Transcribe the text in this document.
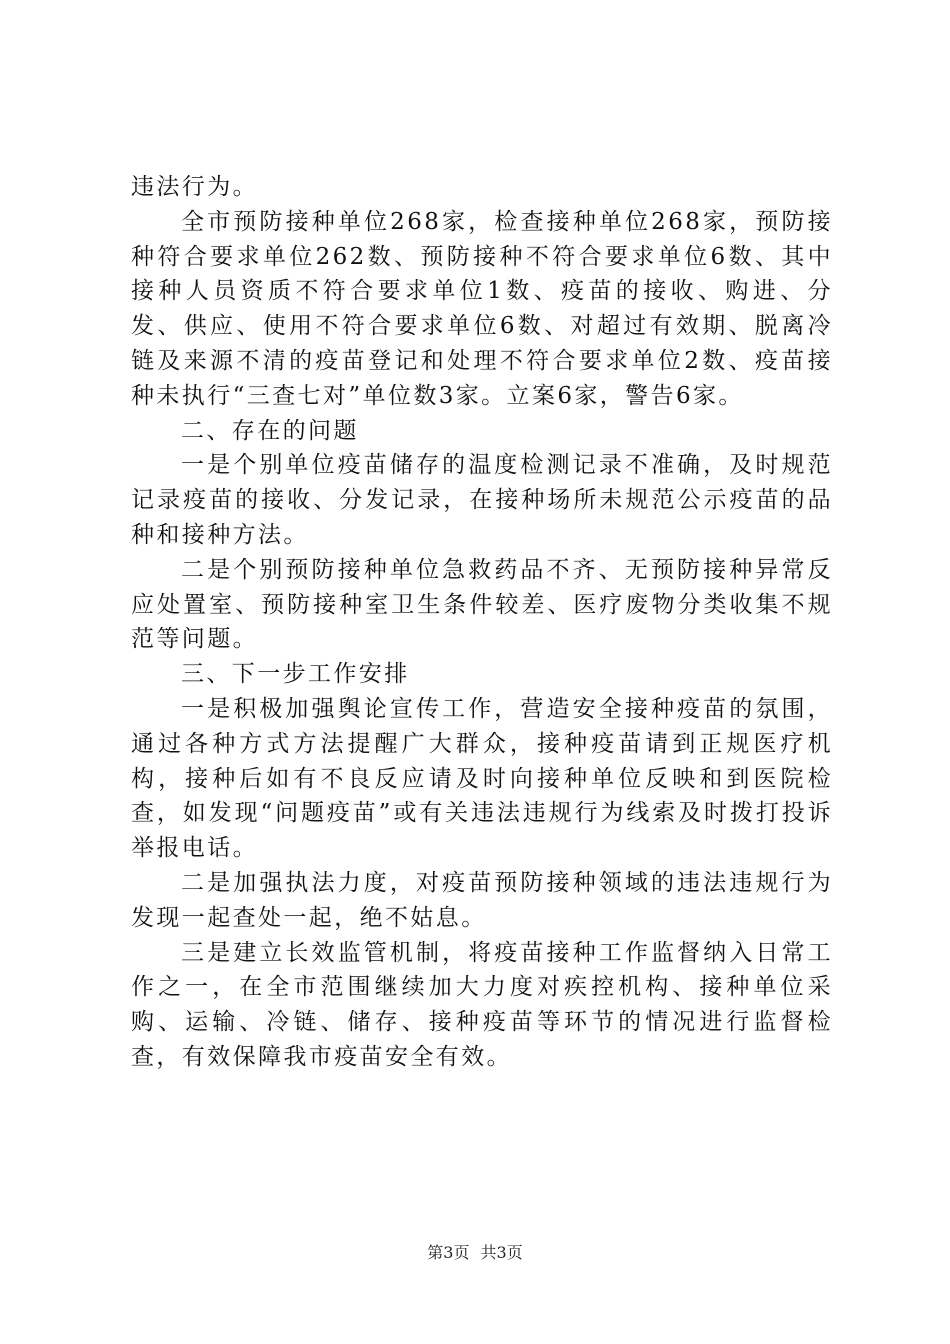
违法行为。

全市预防接种单位268家，检查接种单位268家，预防接种符合要求单位262数、预防接种不符合要求单位6数、其中接种人员资质不符合要求单位1数、疫苗的接收、购进、分发、供应、使用不符合要求单位6数、对超过有效期、脱离冷链及来源不清的疫苗登记和处理不符合要求单位2数、疫苗接种未执行“三查七对”单位数3家。立案6家，警告6家。

二、存在的问题

一是个别单位疫苗储存的温度检测记录不准确，及时规范记录疫苗的接收、分发记录，在接种场所未规范公示疫苗的品种和接种方法。

二是个别预防接种单位急救药品不齐、无预防接种异常反应处置室、预防接种室卫生条件较差、医疗废物分类收集不规范等问题。

三、下一步工作安排

一是积极加强舆论宣传工作，营造安全接种疫苗的氛围，通过各种方式方法提醒广大群众，接种疫苗请到正规医疗机构，接种后如有不良反应请及时向接种单位反映和到医院检查，如发现“问题疫苗”或有关违法违规行为线索及时拨打投诉举报电话。

二是加强执法力度，对疫苗预防接种领域的违法违规行为发现一起查处一起，绝不姑息。

三是建立长效监管机制，将疫苗接种工作监督纳入日常工作之一，在全市范围继续加大力度对疾控机构、接种单位采购、运输、冷链、储存、接种疫苗等环节的情况进行监督检查，有效保障我市疫苗安全有效。

第3页 共3页
